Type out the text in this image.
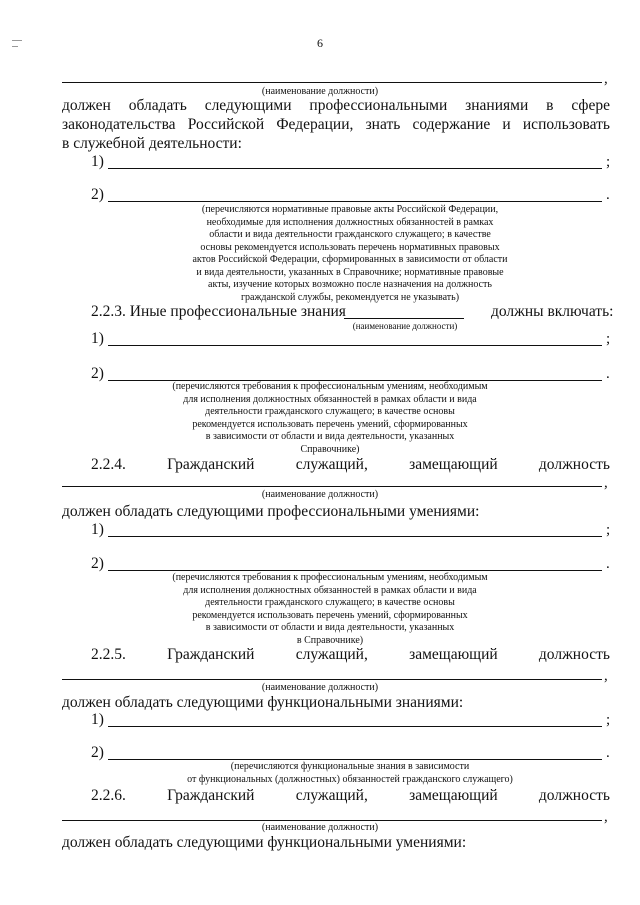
6
,
(наименование должности)
должен обладать следующими профессиональными знаниями в сфере
законодательства Российской Федерации, знать содержание и использовать
в служебной деятельности:
1)	;
2)	.
(перечисляются нормативные правовые акты Российской Федерации,
необходимые для исполнения должностных обязанностей в рамках
области и вида деятельности гражданского служащего; в качестве
основы рекомендуется использовать перечень нормативных правовых
актов Российской Федерации, сформированных в зависимости от области
и вида деятельности, указанных в Справочнике; нормативные правовые
акты, изучение которых возможно после назначения на должность
гражданской службы, рекомендуется не указывать)
2.2.3. Иные профессиональные знания	должны включать:
(наименование должности)
1)	;
2)	.
(перечисляются требования к профессиональным умениям, необходимым
для исполнения должностных обязанностей в рамках области и вида
деятельности гражданского служащего; в качестве основы
рекомендуется использовать перечень умений, сформированных
в зависимости от области и вида деятельности, указанных
Справочнике)
2.2.4.	Гражданский	служащий,	замещающий	должность
,
(наименование должности)
должен обладать следующими профессиональными умениями:
1)	;
2)	.
(перечисляются требования к профессиональным умениям, необходимым
для исполнения должностных обязанностей в рамках области и вида
деятельности гражданского служащего; в качестве основы
рекомендуется использовать перечень умений, сформированных
в зависимости от области и вида деятельности, указанных
в Справочнике)
2.2.5.	Гражданский	служащий,	замещающий	должность
,
(наименование должности)
должен обладать следующими функциональными знаниями:
1)	;
2)	.
(перечисляются функциональные знания в зависимости
от функциональных (должностных) обязанностей гражданского служащего)
2.2.6.	Гражданский	служащий,	замещающий	должность
,
(наименование должности)
должен обладать следующими функциональными умениями:
